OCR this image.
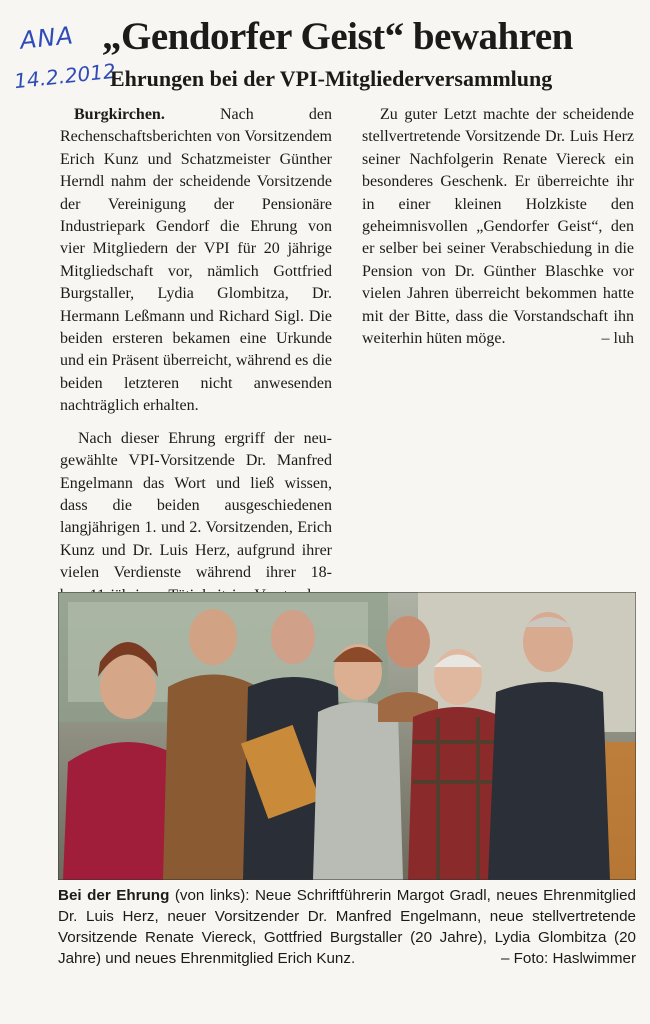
ANA
14.2.2012
„Gendorfer Geist“ bewahren
Ehrungen bei der VPI-Mitgliederversammlung

Burgkirchen.	Nach den Rechenschaftsberichten von Vorsitzendem Erich Kunz und Schatzmeister Günther Herndl nahm der scheidende Vorsitzende der Vereinigung der Pensionäre Industriepark Gendorf die Ehrung von vier Mitgliedern der VPI für 20 jährige Mitgliedschaft vor, nämlich Gottfried Burgstaller, Lydia Glombitza, Dr. Hermann Leßmann und Richard Sigl. Die beiden ersteren bekamen eine Urkunde und ein Präsent überreicht, während es die beiden letzteren nicht anwesenden nachträglich erhalten.

Nach dieser Ehrung ergriff der neu-gewählte VPI-Vorsitzende Dr. Manfred Engelmann das Wort und ließ wissen, dass die beiden ausgeschiedenen langjährigen 1. und 2. Vorsitzenden, Erich Kunz und Dr. Luis Herz, aufgrund ihrer vielen Verdienste während ihrer 18-

Zu guter Letzt machte der scheidende stellvertretende Vorsitzende Dr. Luis Herz seiner Nachfolgerin Renate Viereck ein besonderes Geschenk. Er überreichte ihr in einer kleinen Holzkiste den geheimnisvollen „Gendorfer Geist“, den er selber bei seiner Verabschiedung in die Pension von Dr. Günther Blaschke vor vielen Jahren überreicht bekommen hatte mit der Bitte, dass die Vorstandschaft ihn weiterhin hüten möge.	– luh

Bei der Ehrung (von links): Neue Schriftführerin Margot Gradl, neues Ehrenmitglied Dr. Luis Herz, neuer Vorsitzender Dr. Manfred Engelmann, neue stellvertretende Vorsitzende Renate Viereck, Gottfried Burgstaller (20 Jahre), Lydia Glombitza (20 Jahre) und neues Ehrenmitglied Erich Kunz.	– Foto: Haslwimmer
